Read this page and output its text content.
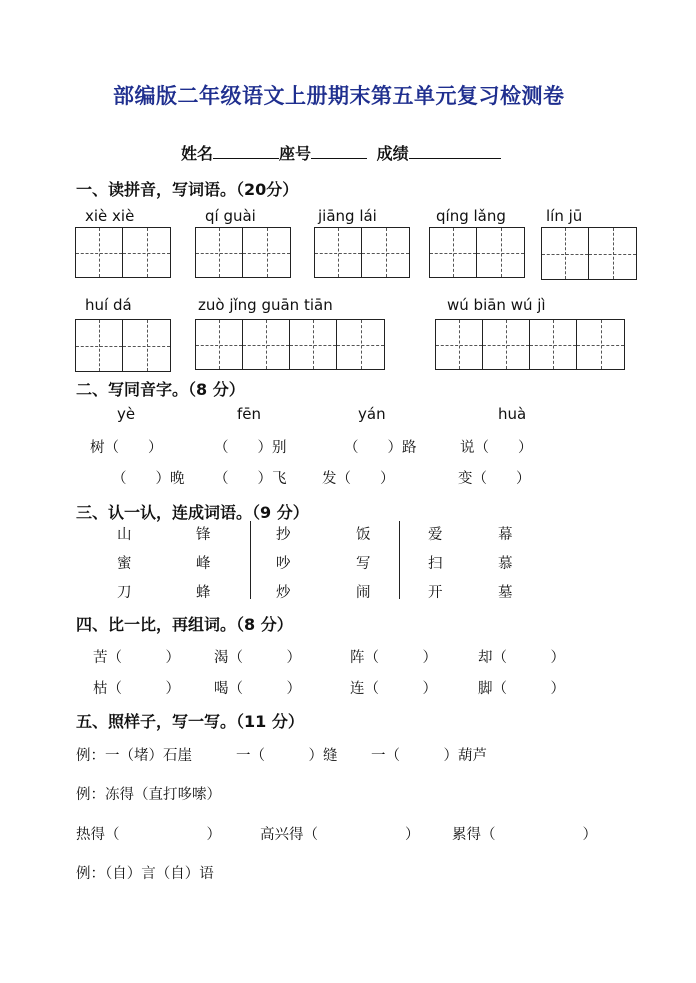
部编版二年级语文上册期末第五单元复习检测卷
姓名	座号	成绩
一、读拼音，写词语。（20分）
xiè xiè	qí guài	jiāng lái	qíng lǎng	lín jū
huí dá	zuò jǐng guān tiān	wú biān wú jì
二、写同音字。（8 分）
yè	fēn	yán	huà
树（　　）	（　　）别	（　　）路	说（　　）
（　　）晚 （　　）飞 发（　　）	变（　　）
三、认一认，连成词语。（9 分）
山	锋	抄	饭	爱	幕
蜜	峰	吵	写	扫	慕
刀	蜂	炒	闹	开	墓
四、比一比，再组词。（8 分）
苦（　　　） 渴（　　　）	阵（　　　）	却（　　　）
枯（　　　） 喝（　　　）	连（　　　）	脚（　　　）
五、照样子，写一写。（11 分）
例：一（堵）石崖	一（　　　）缝 一（　　　）葫芦
例：冻得（直打哆嗦）
热得（　　　　　　）	高兴得（　　　　　　） 累得（　　　　　　）
例：（自）言（自）语
